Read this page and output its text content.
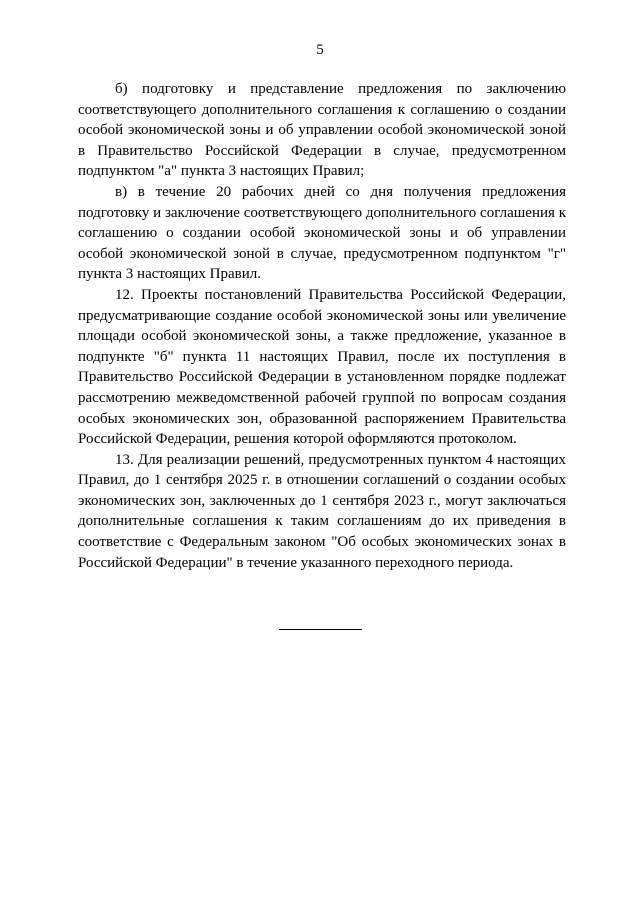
5

б) подготовку и представление предложения по заключению соответствующего дополнительного соглашения к соглашению о создании особой экономической зоны и об управлении особой экономической зоной в Правительство Российской Федерации в случае, предусмотренном подпунктом "а" пункта 3 настоящих Правил;

в) в течение 20 рабочих дней со дня получения предложения подготовку и заключение соответствующего дополнительного соглашения к соглашению о создании особой экономической зоны и об управлении особой экономической зоной в случае, предусмотренном подпунктом "г" пункта 3 настоящих Правил.

12. Проекты постановлений Правительства Российской Федерации, предусматривающие создание особой экономической зоны или увеличение площади особой экономической зоны, а также предложение, указанное в подпункте "б" пункта 11 настоящих Правил, после их поступления в Правительство Российской Федерации в установленном порядке подлежат рассмотрению межведомственной рабочей группой по вопросам создания особых экономических зон, образованной распоряжением Правительства Российской Федерации, решения которой оформляются протоколом.

13. Для реализации решений, предусмотренных пунктом 4 настоящих Правил, до 1 сентября 2025 г. в отношении соглашений о создании особых экономических зон, заключенных до 1 сентября 2023 г., могут заключаться дополнительные соглашения к таким соглашениям до их приведения в соответствие с Федеральным законом "Об особых экономических зонах в Российской Федерации" в течение указанного переходного периода.
